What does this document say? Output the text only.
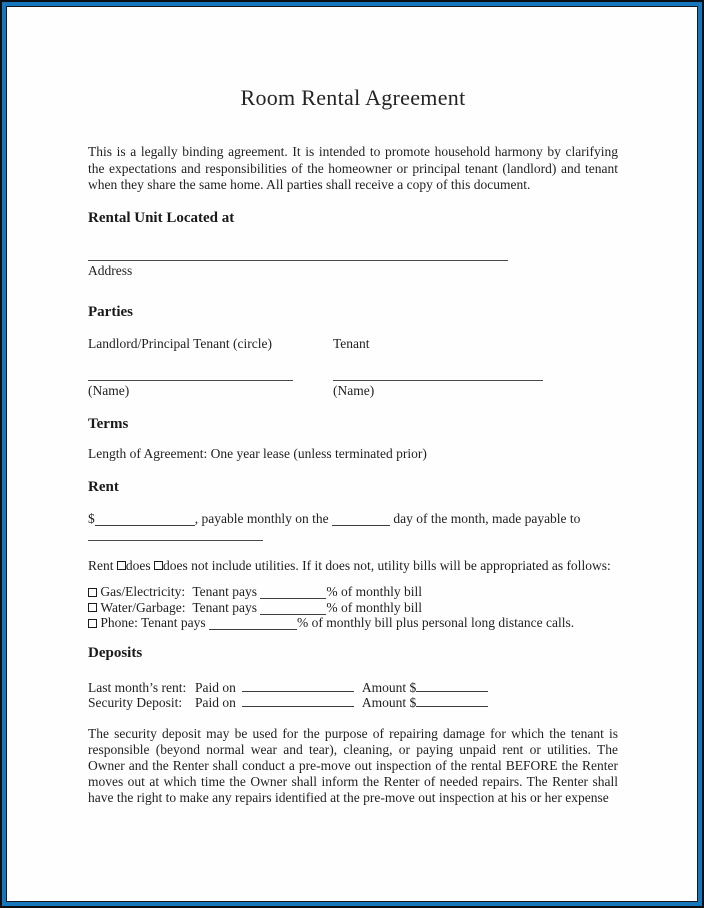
Room Rental Agreement

This is a legally binding agreement. It is intended to promote household harmony by clarifying the expectations and responsibilities of the homeowner or principal tenant (landlord) and tenant when they share the same home. All parties shall receive a copy of this document.

Rental Unit Located at
Address
Parties
Landlord/Principal Tenant (circle)	Tenant
(Name)	(Name)
Terms

Length of Agreement: One year lease (unless terminated prior)

Rent

$	, payable monthly on the	day of the month, made payable to

Rent does does not include utilities. If it does not, utility bills will be appropriated as follows:

Gas/Electricity: Tenant pays	% of monthly bill
Water/Garbage: Tenant pays	% of monthly bill
Phone: Tenant pays	% of monthly bill plus personal long distance calls.
Deposits
Last month’s rent: Paid on	Amount $
Security Deposit: Paid on	Amount $

The security deposit may be used for the purpose of repairing damage for which the tenant is responsible (beyond normal wear and tear), cleaning, or paying unpaid rent or utilities. The Owner and the Renter shall conduct a pre-move out inspection of the rental BEFORE the Renter moves out at which time the Owner shall inform the Renter of needed repairs. The Renter shall have the right to make any repairs identified at the pre-move out inspection at his or her expense
